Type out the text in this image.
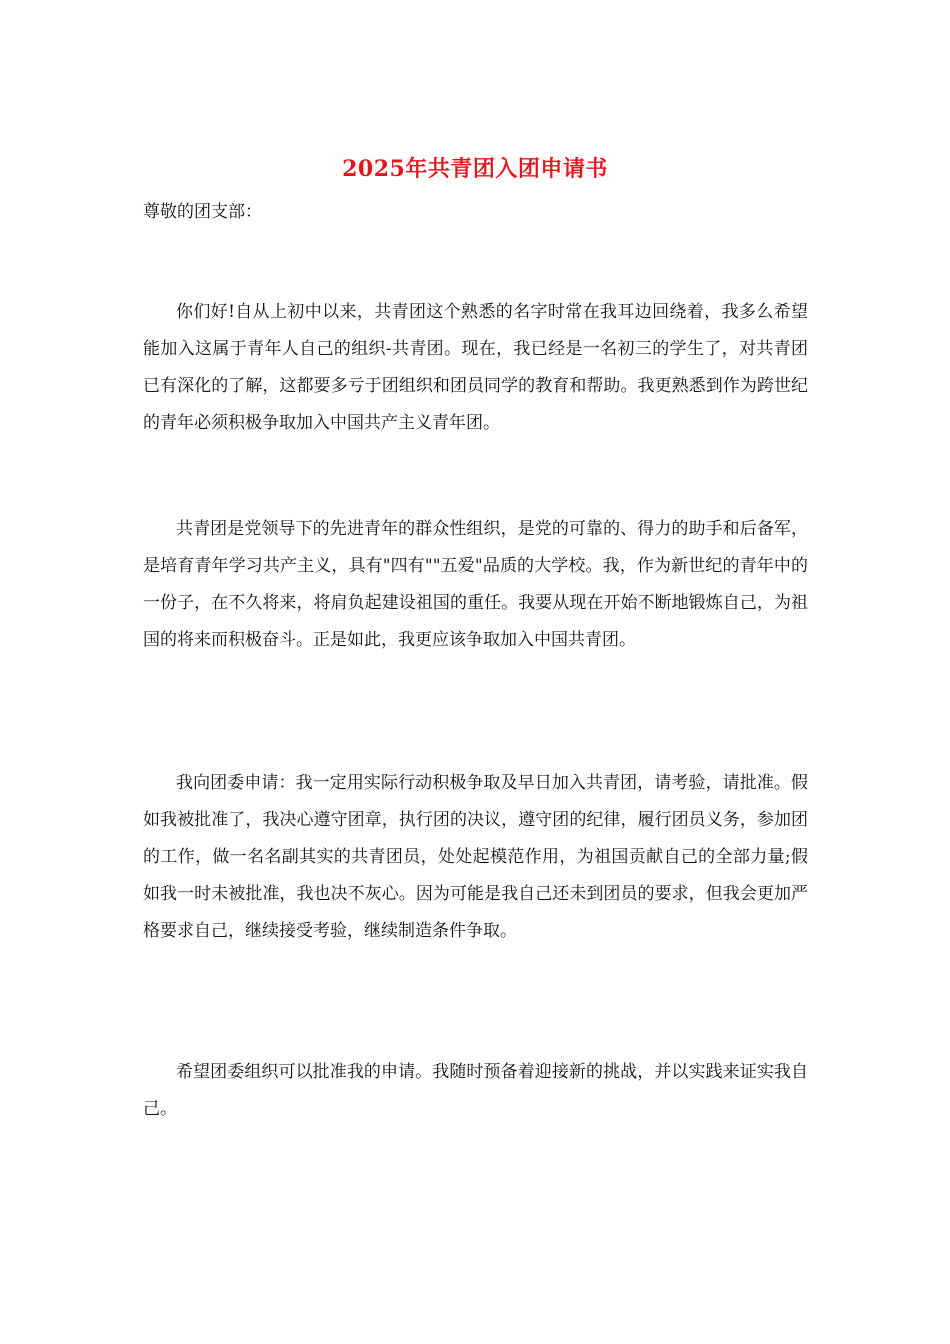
2025年共青团入团申请书
尊敬的团支部：

你们好!自从上初中以来，共青团这个熟悉的名字时常在我耳边回绕着，我多么希望能加入这属于青年人自己的组织-共青团。现在，我已经是一名初三的学生了，对共青团已有深化的了解，这都要多亏于团组织和团员同学的教育和帮助。我更熟悉到作为跨世纪的青年必须积极争取加入中国共产主义青年团。

共青团是党领导下的先进青年的群众性组织，是党的可靠的、得力的助手和后备军，是培育青年学习共产主义，具有"四有""五爱"品质的大学校。我，作为新世纪的青年中的一份子，在不久将来，将肩负起建设祖国的重任。我要从现在开始不断地锻炼自己，为祖国的将来而积极奋斗。正是如此，我更应该争取加入中国共青团。

我向团委申请：我一定用实际行动积极争取及早日加入共青团，请考验，请批准。假如我被批准了，我决心遵守团章，执行团的决议，遵守团的纪律，履行团员义务，参加团的工作，做一名名副其实的共青团员，处处起模范作用，为祖国贡献自己的全部力量;假如我一时未被批准，我也决不灰心。因为可能是我自己还未到团员的要求，但我会更加严格要求自己，继续接受考验，继续制造条件争取。

希望团委组织可以批准我的申请。我随时预备着迎接新的挑战，并以实践来证实我自己。
